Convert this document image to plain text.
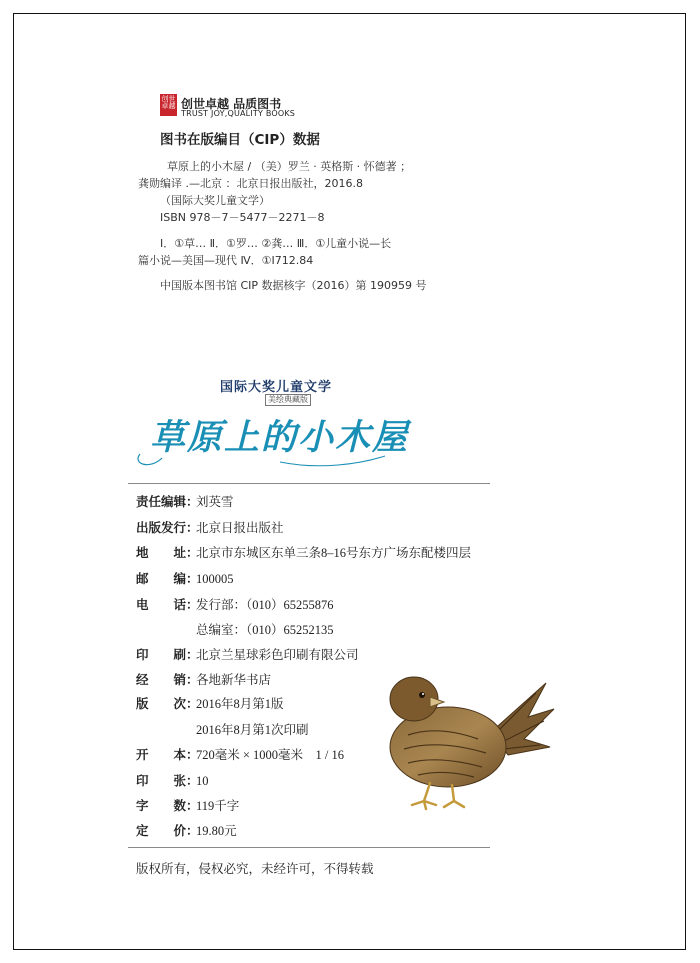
创世
卓越 创世卓越 品质图书
TRUST JOY,QUALITY BOOKS
图书在版编目（CIP）数据
草原上的小木屋 / （美）罗兰 · 英格斯 · 怀德著 ；
龚勋编译 .—北京 ：北京日报出版社，2016.8
（国际大奖儿童文学）
ISBN 978－7－5477－2271－8
Ⅰ．①草… Ⅱ．①罗… ②龚… Ⅲ．①儿童小说—长
篇小说—美国—现代 Ⅳ．①I712.84
中国版本图书馆 CIP 数据核字（2016）第 190959 号
国际大奖儿童文学
美绘典藏版
草原上的小木屋
责任编辑：刘英雪
出版发行：北京日报出版社
地　　址：北京市东城区东单三条8–16号东方广场东配楼四层
邮　　编：100005
电　　话：发行部：（010）65255876
总编室：（010）65252135
印　　刷：北京兰星球彩色印刷有限公司
经　　销：各地新华书店
版　　次：2016年8月第1版
2016年8月第1次印刷
开　　本：720毫米 × 1000毫米　1 / 16
印　　张：10
字　　数：119千字
定　　价：19.80元
版权所有，侵权必究，未经许可，不得转载
